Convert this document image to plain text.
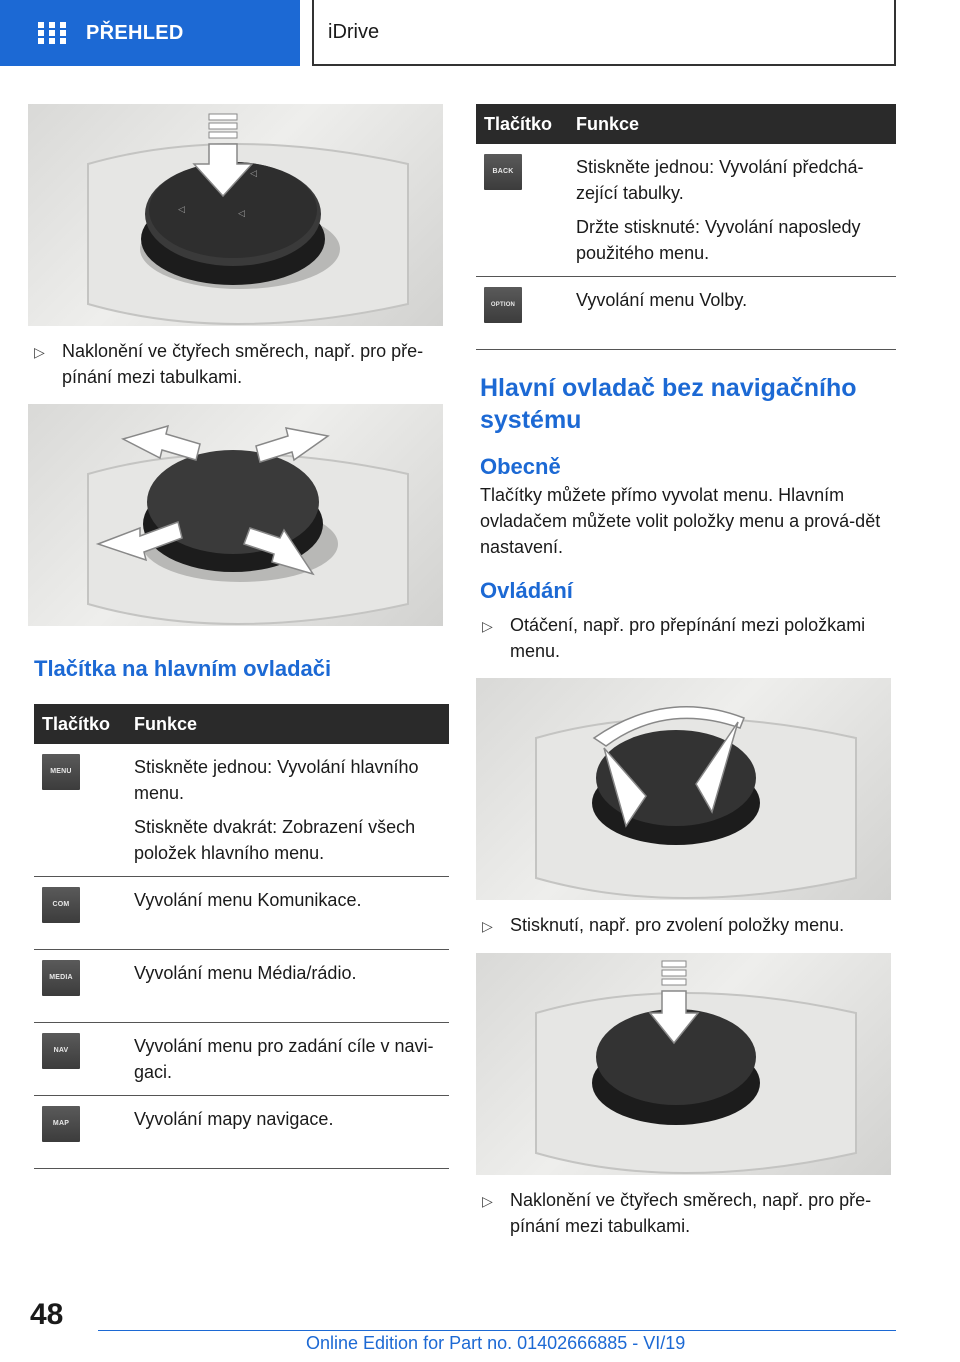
PŘEHLED	iDrive
◁
◁
◁
▷ Naklonění ve čtyřech směrech, např. pro pře‐pínání mezi tabulkami.
Tlačítka na hlavním ovladači
Tlačítko	Funkce

MENU	Stiskněte jednou: Vyvolání hlavního menu.

Stiskněte dvakrát: Zobrazení všech položek hlavního menu.

COM	Vyvolání menu Komunikace.

MEDIA	Vyvolání menu Média/rádio.

NAV	Vyvolání menu pro zadání cíle v navi‐gaci.

MAP	Vyvolání mapy navigace.

Tlačítko	Funkce

BACK	Stiskněte jednou: Vyvolání předchá‐zející tabulky.

Držte stisknuté: Vyvolání naposledy použitého menu.

OPTION	Vyvolání menu Volby.

Hlavní ovladač bez navigačního systému
Obecně
Tlačítky můžete přímo vyvolat menu. Hlavním ovladačem můžete volit položky menu a prová‐dět nastavení.
Ovládání
▷ Otáčení, např. pro přepínání mezi položkami menu.
▷ Stisknutí, např. pro zvolení položky menu.
▷ Naklonění ve čtyřech směrech, např. pro pře‐pínání mezi tabulkami.
48
Online Edition for Part no. 01402666885 - VI/19
